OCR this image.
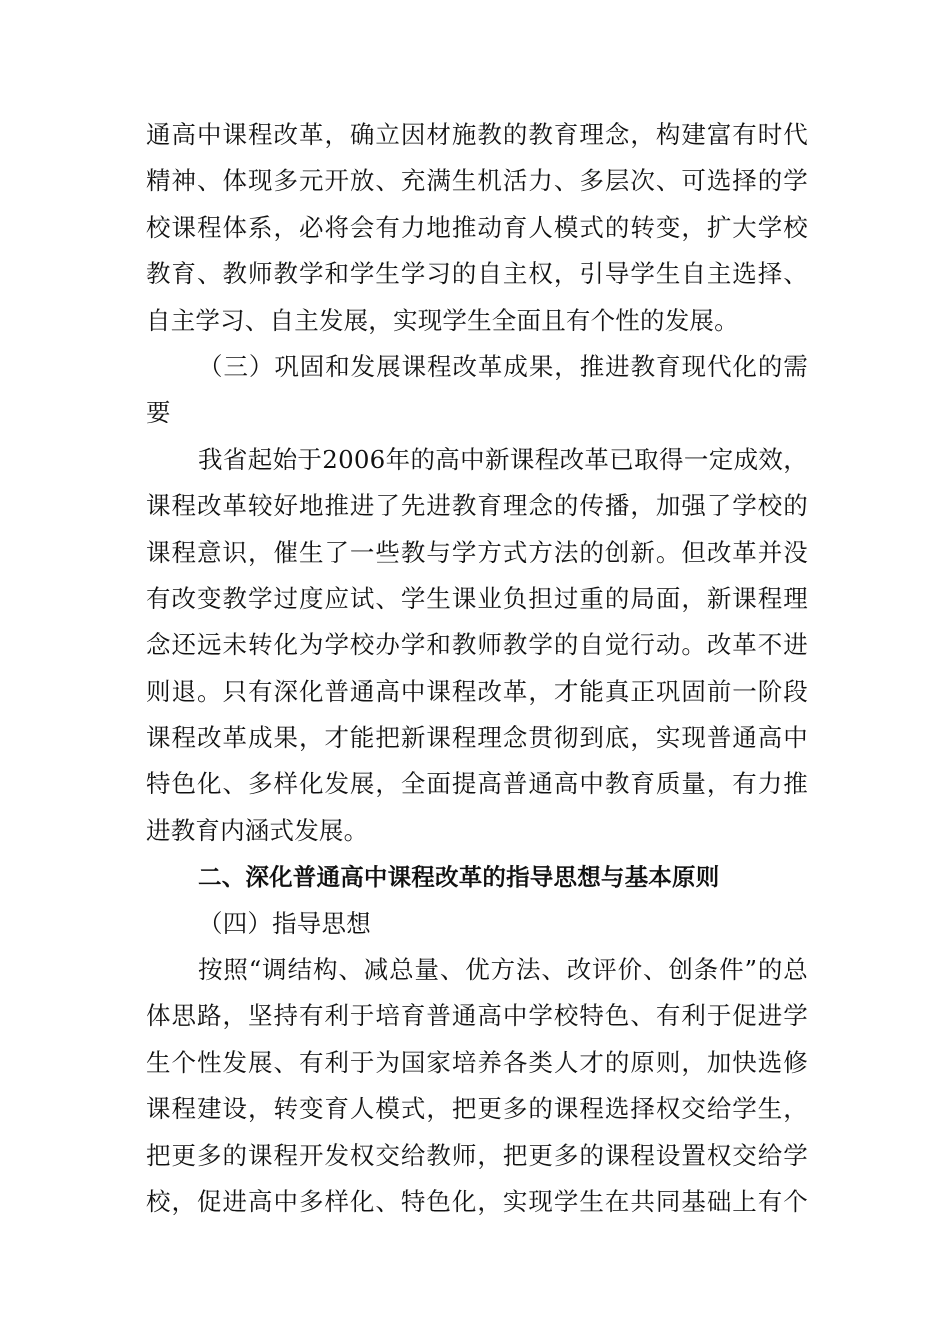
通高中课程改革，确立因材施教的教育理念，构建富有时代
精神、体现多元开放、充满生机活力、多层次、可选择的学
校课程体系，必将会有力地推动育人模式的转变，扩大学校
教育、教师教学和学生学习的自主权，引导学生自主选择、
自主学习、自主发展，实现学生全面且有个性的发展。
（三）巩固和发展课程改革成果，推进教育现代化的需
要
我省起始于2006年的高中新课程改革已取得一定成效，
课程改革较好地推进了先进教育理念的传播，加强了学校的
课程意识，催生了一些教与学方式方法的创新。但改革并没
有改变教学过度应试、学生课业负担过重的局面，新课程理
念还远未转化为学校办学和教师教学的自觉行动。改革不进
则退。只有深化普通高中课程改革，才能真正巩固前一阶段
课程改革成果，才能把新课程理念贯彻到底，实现普通高中
特色化、多样化发展，全面提高普通高中教育质量，有力推
进教育内涵式发展。
二、深化普通高中课程改革的指导思想与基本原则
（四）指导思想
按照“调结构、减总量、优方法、改评价、创条件”的总
体思路，坚持有利于培育普通高中学校特色、有利于促进学
生个性发展、有利于为国家培养各类人才的原则，加快选修
课程建设，转变育人模式，把更多的课程选择权交给学生，
把更多的课程开发权交给教师，把更多的课程设置权交给学
校，促进高中多样化、特色化，实现学生在共同基础上有个
